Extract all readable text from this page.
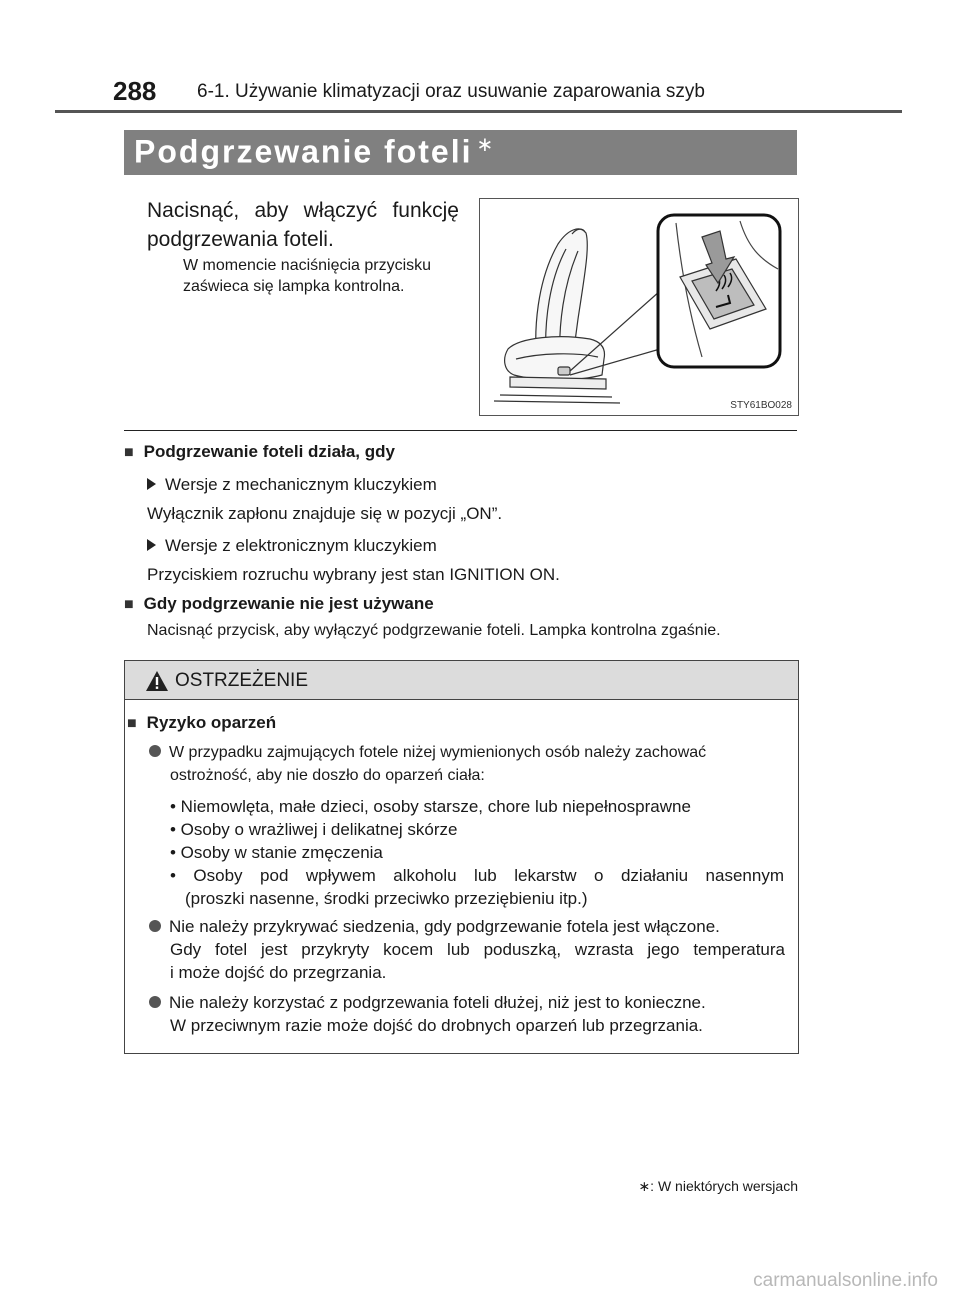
288 6-1. Używanie klimatyzacji oraz usuwanie zaparowania szyb
Podgrzewanie foteli ∗
Nacisnąć, aby włączyć funkcję
podgrzewania foteli.
W momencie naciśnięcia przycisku
zaświeca się lampka kontrolna.
STY61BO028
■ Podgrzewanie foteli działa, gdy
Wersje z mechanicznym kluczykiem
Wyłącznik zapłonu znajduje się w pozycji „ON”.
Wersje z elektronicznym kluczykiem
Przyciskiem rozruchu wybrany jest stan IGNITION ON.
■ Gdy podgrzewanie nie jest używane
Nacisnąć przycisk, aby wyłączyć podgrzewanie foteli. Lampka kontrolna zgaśnie.
OSTRZEŻENIE
■ Ryzyko oparzeń
W przypadku zajmujących fotele niżej wymienionych osób należy zachować
ostrożność, aby nie doszło do oparzeń ciała:
• Niemowlęta, małe dzieci, osoby starsze, chore lub niepełnosprawne
• Osoby o wrażliwej i delikatnej skórze
• Osoby w stanie zmęczenia
• Osoby pod wpływem alkoholu lub lekarstw o działaniu nasennym
(proszki nasenne, środki przeciwko przeziębieniu itp.)
Nie należy przykrywać siedzenia, gdy podgrzewanie fotela jest włączone.
Gdy fotel jest przykryty kocem lub poduszką, wzrasta jego temperatura
i może dojść do przegrzania.
Nie należy korzystać z podgrzewania foteli dłużej, niż jest to konieczne.
W przeciwnym razie może dojść do drobnych oparzeń lub przegrzania.
∗: W niektórych wersjach
carmanualsonline.info
